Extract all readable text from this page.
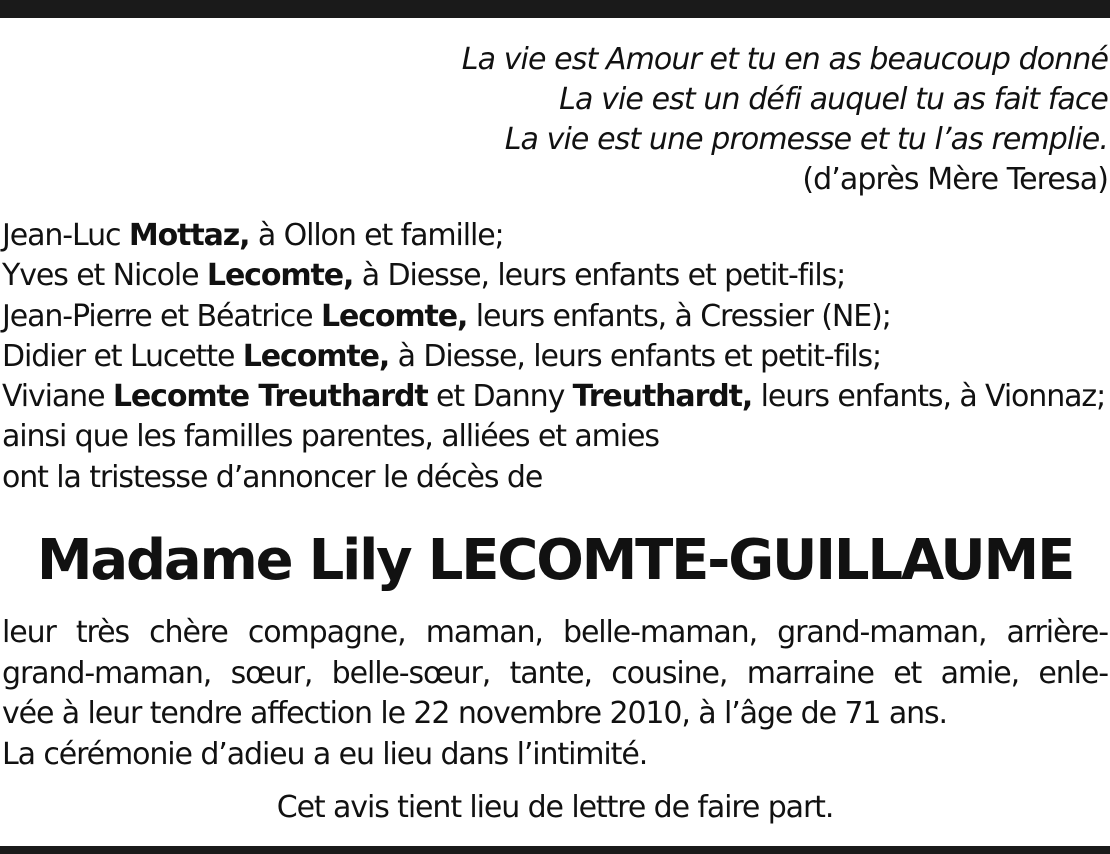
La vie est Amour et tu en as beaucoup donné
La vie est un défi auquel tu as fait face
La vie est une promesse et tu l’as remplie.
(d’après Mère Teresa)
Jean-Luc Mottaz, à Ollon et famille;
Yves et Nicole Lecomte, à Diesse, leurs enfants et petit-fils;
Jean-Pierre et Béatrice Lecomte, leurs enfants, à Cressier (NE);
Didier et Lucette Lecomte, à Diesse, leurs enfants et petit-fils;
Viviane Lecomte Treuthardt et Danny Treuthardt, leurs enfants, à Vionnaz;
ainsi que les familles parentes, alliées et amies
ont la tristesse d’annoncer le décès de
Madame Lily LECOMTE-GUILLAUME
leur très chère compagne, maman, belle-maman, grand-maman, arrière-
grand-maman, sœur, belle-sœur, tante, cousine, marraine et amie, enle-
vée à leur tendre affection le 22 novembre 2010, à l’âge de 71 ans.
La cérémonie d’adieu a eu lieu dans l’intimité.
Cet avis tient lieu de lettre de faire part.
